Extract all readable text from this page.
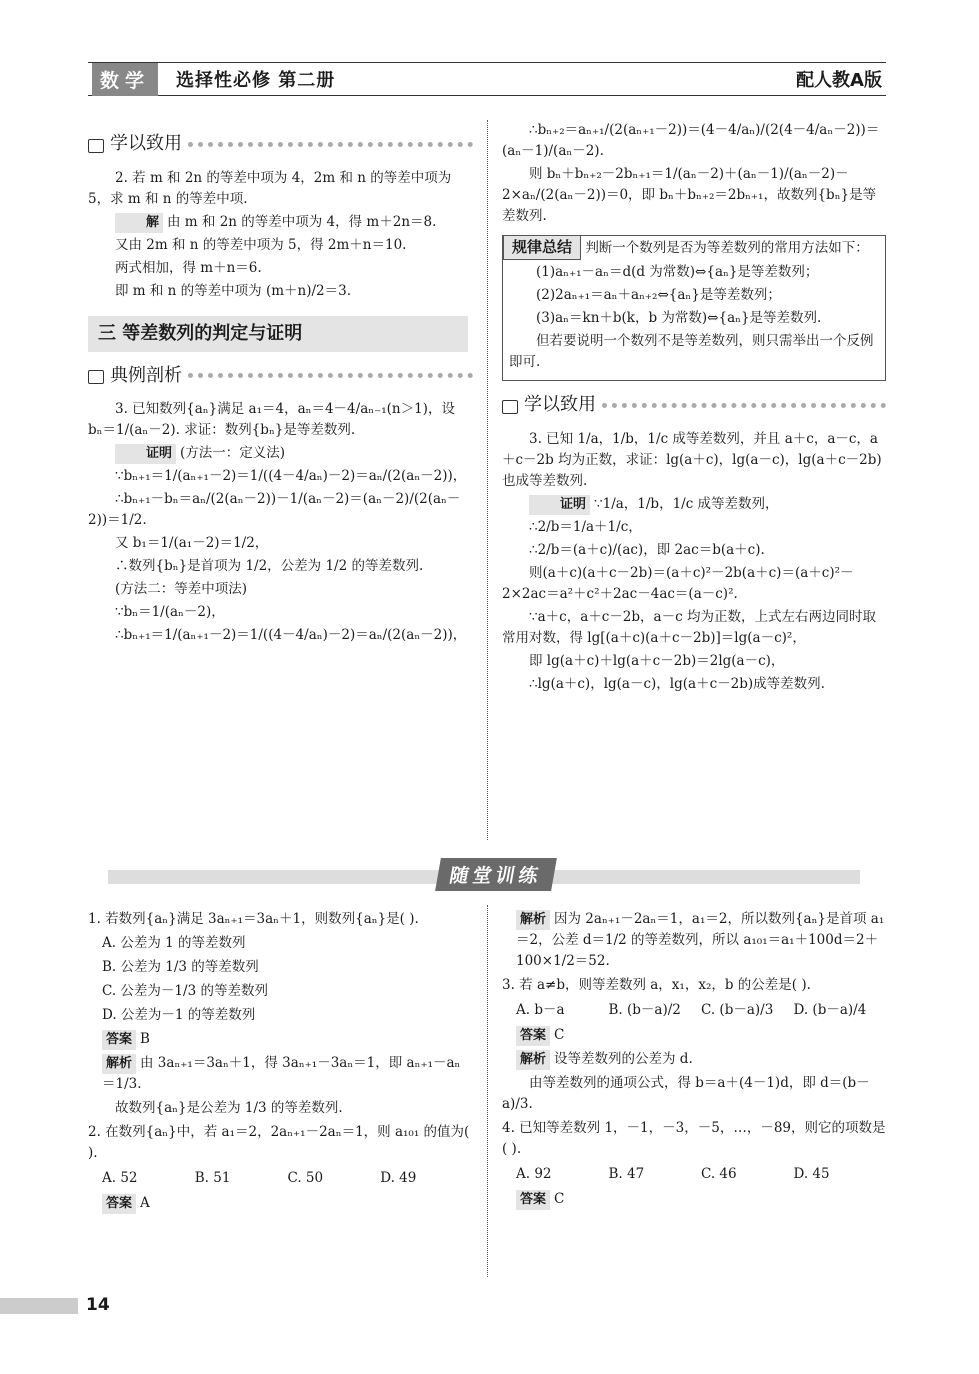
数学	选择性必修 第二册	配人教A版
学以致用

2. 若 m 和 2n 的等差中项为 4，2m 和 n 的等差中项为 5，求 m 和 n 的等差中项.

解 由 m 和 2n 的等差中项为 4，得 m＋2n＝8.

又由 2m 和 n 的等差中项为 5，得 2m＋n＝10.

两式相加，得 m＋n＝6.

即 m 和 n 的等差中项为 (m＋n)/2＝3.

三 等差数列的判定与证明
典例剖析

3. 已知数列{aₙ}满足 a₁＝4，aₙ＝4－4/aₙ₋₁(n＞1)，设 bₙ＝1/(aₙ－2). 求证：数列{bₙ}是等差数列.

证明 (方法一：定义法)

∵bₙ₊₁＝1/(aₙ₊₁－2)＝1/((4－4/aₙ)－2)＝aₙ/(2(aₙ－2))，

∴bₙ₊₁－bₙ＝aₙ/(2(aₙ－2))－1/(aₙ－2)＝(aₙ－2)/(2(aₙ－2))＝1/2.

又 b₁＝1/(a₁－2)＝1/2，

∴数列{bₙ}是首项为 1/2，公差为 1/2 的等差数列.

(方法二：等差中项法)

∵bₙ＝1/(aₙ－2)，

∴bₙ₊₁＝1/(aₙ₊₁－2)＝1/((4－4/aₙ)－2)＝aₙ/(2(aₙ－2))，

∴bₙ₊₂＝aₙ₊₁/(2(aₙ₊₁－2))＝(4－4/aₙ)/(2(4－4/aₙ－2))＝(aₙ－1)/(aₙ－2).

则 bₙ＋bₙ₊₂－2bₙ₊₁＝1/(aₙ－2)＋(aₙ－1)/(aₙ－2)－2×aₙ/(2(aₙ－2))＝0，即 bₙ＋bₙ₊₂＝2bₙ₊₁，故数列{bₙ}是等差数列.

规律总结 判断一个数列是否为等差数列的常用方法如下：

(1)aₙ₊₁－aₙ＝d(d 为常数)⇔{aₙ}是等差数列；

(2)2aₙ₊₁＝aₙ＋aₙ₊₂⇔{aₙ}是等差数列；

(3)aₙ＝kn＋b(k，b 为常数)⇔{aₙ}是等差数列.

但若要说明一个数列不是等差数列，则只需举出一个反例即可.

学以致用

3. 已知 1/a，1/b，1/c 成等差数列，并且 a＋c，a－c，a＋c－2b 均为正数，求证：lg(a＋c)，lg(a－c)，lg(a＋c－2b)也成等差数列.

证明 ∵1/a，1/b，1/c 成等差数列，

∴2/b＝1/a＋1/c，

∴2/b＝(a＋c)/(ac)，即 2ac＝b(a＋c).

则(a＋c)(a＋c－2b)＝(a＋c)²－2b(a＋c)＝(a＋c)²－2×2ac＝a²＋c²＋2ac－4ac＝(a－c)².

∵a＋c，a＋c－2b，a－c 均为正数，上式左右两边同时取常用对数，得 lg[(a＋c)(a＋c－2b)]＝lg(a－c)²，

即 lg(a＋c)＋lg(a＋c－2b)＝2lg(a－c)，

∴lg(a＋c)，lg(a－c)，lg(a＋c－2b)成等差数列.

随堂训练

1. 若数列{aₙ}满足 3aₙ₊₁＝3aₙ＋1，则数列{aₙ}是( ).

A. 公差为 1 的等差数列

B. 公差为 1/3 的等差数列

C. 公差为－1/3 的等差数列

D. 公差为－1 的等差数列

答案 B

解析 由 3aₙ₊₁＝3aₙ＋1，得 3aₙ₊₁－3aₙ＝1，即 aₙ₊₁－aₙ＝1/3.

故数列{aₙ}是公差为 1/3 的等差数列.

2. 在数列{aₙ}中，若 a₁＝2，2aₙ₊₁－2aₙ＝1，则 a₁₀₁ 的值为( ).

A. 52	B. 51	C. 50	D. 49

答案 A

解析 因为 2aₙ₊₁－2aₙ＝1，a₁＝2，所以数列{aₙ}是首项 a₁＝2，公差 d＝1/2 的等差数列，所以 a₁₀₁＝a₁＋100d＝2＋100×1/2＝52.

3. 若 a≠b，则等差数列 a，x₁，x₂，b 的公差是( ).

A. b－a	B. (b－a)/2	C. (b－a)/3	D. (b－a)/4

答案 C

解析 设等差数列的公差为 d.

由等差数列的通项公式，得 b＝a＋(4－1)d，即 d＝(b－a)/3.

4. 已知等差数列 1，－1，－3，－5，…，－89，则它的项数是( ).

A. 92	B. 47	C. 46	D. 45

答案 C

14
